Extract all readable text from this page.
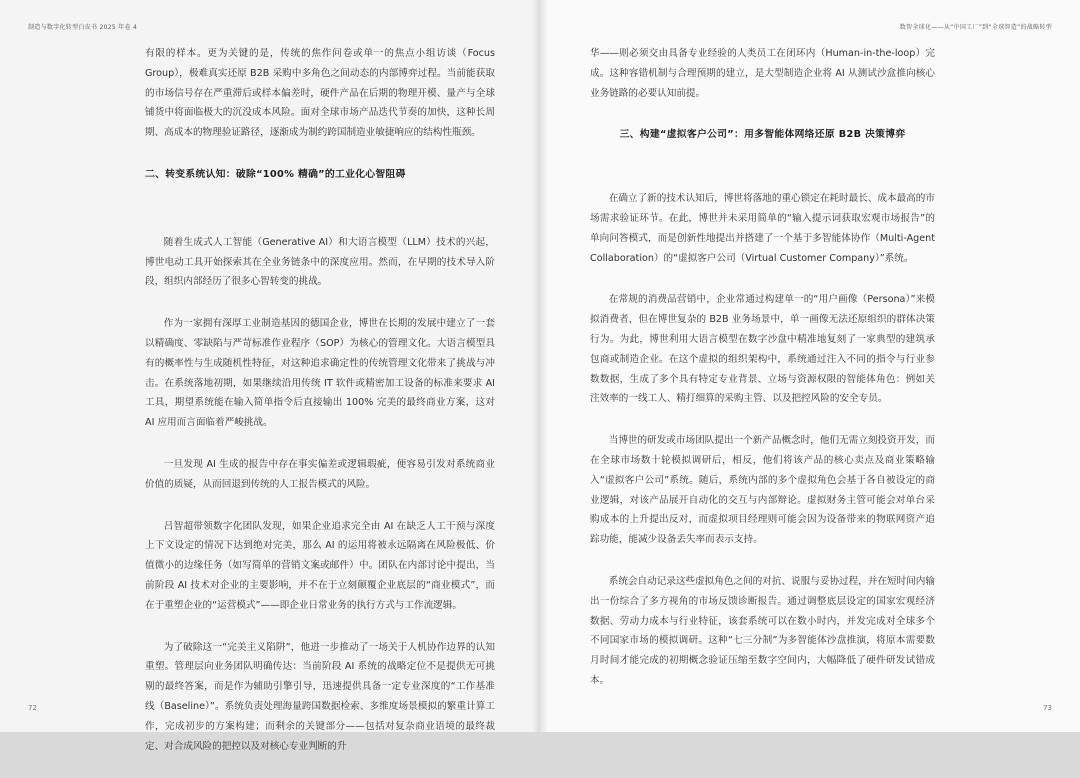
制造与数字化转型白皮书 2025 年卷 4

有限的样本。更为关键的是，传统的焦作问卷或单一的焦点小组访谈（Focus Group），极难真实还原 B2B 采购中多角色之间动态的内部博弈过程。当前能获取的市场信号存在严重滞后或样本偏差时，硬件产品在后期的物理开模、量产与全球铺货中将面临极大的沉没成本风险。面对全球市场产品迭代节奏的加快，这种长周期、高成本的物理验证路径，逐渐成为制约跨国制造业敏捷响应的结构性瓶颈。

二、转变系统认知：破除“100% 精确”的工业化心智阻碍

随着生成式人工智能（Generative AI）和大语言模型（LLM）技术的兴起，博世电动工具开始探索其在全业务链条中的深度应用。然而，在早期的技术导入阶段，组织内部经历了很多心智转变的挑战。

作为一家拥有深厚工业制造基因的德国企业，博世在长期的发展中建立了一套以精确度、零缺陷与严苛标准作业程序（SOP）为核心的管理文化。大语言模型具有的概率性与生成随机性特征，对这种追求确定性的传统管理文化带来了挑战与冲击。在系统落地初期，如果继续沿用传统 IT 软件或精密加工设备的标准来要求 AI 工具，期望系统能在输入简单指令后直接输出 100% 完美的最终商业方案，这对 AI 应用而言面临着严峻挑战。

一旦发现 AI 生成的报告中存在事实偏差或逻辑瑕疵，便容易引发对系统商业价值的质疑，从而回退到传统的人工报告模式的风险。

吕智超带领数字化团队发现，如果企业追求完全由 AI 在缺乏人工干预与深度上下文设定的情况下达到绝对完美，那么 AI 的运用将被永远隔离在风险极低、价值微小的边缘任务（如写简单的营销文案或邮件）中。团队在内部讨论中提出，当前阶段 AI 技术对企业的主要影响，并不在于立刻颠覆企业底层的“商业模式”，而在于重塑企业的“运营模式”——即企业日常业务的执行方式与工作流逻辑。

为了破除这一“完美主义陷阱”，他进一步推动了一场关于人机协作边界的认知重塑。管理层向业务团队明确传达：当前阶段 AI 系统的战略定位不是提供无可挑剔的最终答案，而是作为辅助引擎引导，迅速提供具备一定专业深度的“工作基准线（Baseline）”。系统负责处理海量跨国数据检索、多维度场景模拟的繁重计算工作，完成初步的方案构建；而剩余的关键部分——包括对复杂商业语境的最终裁定、对合成风险的把控以及对核心专业判断的升

72
数智全球化——从“中国工厂”到“全球智造”的战略转型

华——则必须交由具备专业经验的人类员工在闭环内（Human-in-the-loop）完成。这种容错机制与合理预期的建立，是大型制造企业将 AI 从测试沙盒推向核心业务链路的必要认知前提。

三、构建“虚拟客户公司”：用多智能体网络还原 B2B 决策博弈

在确立了新的技术认知后，博世将落地的重心锁定在耗时最长、成本最高的市场需求验证环节。在此，博世并未采用简单的“输入提示词获取宏观市场报告”的单向问答模式，而是创新性地提出并搭建了一个基于多智能体协作（Multi-Agent Collaboration）的“虚拟客户公司（Virtual Customer Company）”系统。

在常规的消费品营销中，企业常通过构建单一的“用户画像（Persona）”来模拟消费者，但在博世复杂的 B2B 业务场景中，单一画像无法还原组织的群体决策行为。为此，博世利用大语言模型在数字沙盘中精准地复刻了一家典型的建筑承包商或制造企业。在这个虚拟的组织架构中，系统通过注入不同的指令与行业参数数据，生成了多个具有特定专业背景、立场与资源权限的智能体角色：例如关注效率的一线工人、精打细算的采购主管、以及把控风险的安全专员。

当博世的研发或市场团队提出一个新产品概念时，他们无需立刻投资开发，而在全球市场数十轮模拟调研后，相反，他们将该产品的核心卖点及商业策略输入“虚拟客户公司”系统。随后，系统内部的多个虚拟角色会基于各自被设定的商业逻辑，对该产品展开自动化的交互与内部辩论。虚拟财务主管可能会对单台采购成本的上升提出反对，而虚拟项目经理则可能会因为设备带来的物联网资产追踪功能，能减少设备丢失率而表示支持。

系统会自动记录这些虚拟角色之间的对抗、说服与妥协过程，并在短时间内输出一份综合了多方视角的市场反馈诊断报告。通过调整底层设定的国家宏观经济数据、劳动力成本与行业特征，该套系统可以在数小时内，并发完成对全球多个不同国家市场的模拟调研。这种“七三分制”为多智能体沙盘推演，将原本需要数月时间才能完成的初期概念验证压缩至数字空间内，大幅降低了硬件研发试错成本。

73
